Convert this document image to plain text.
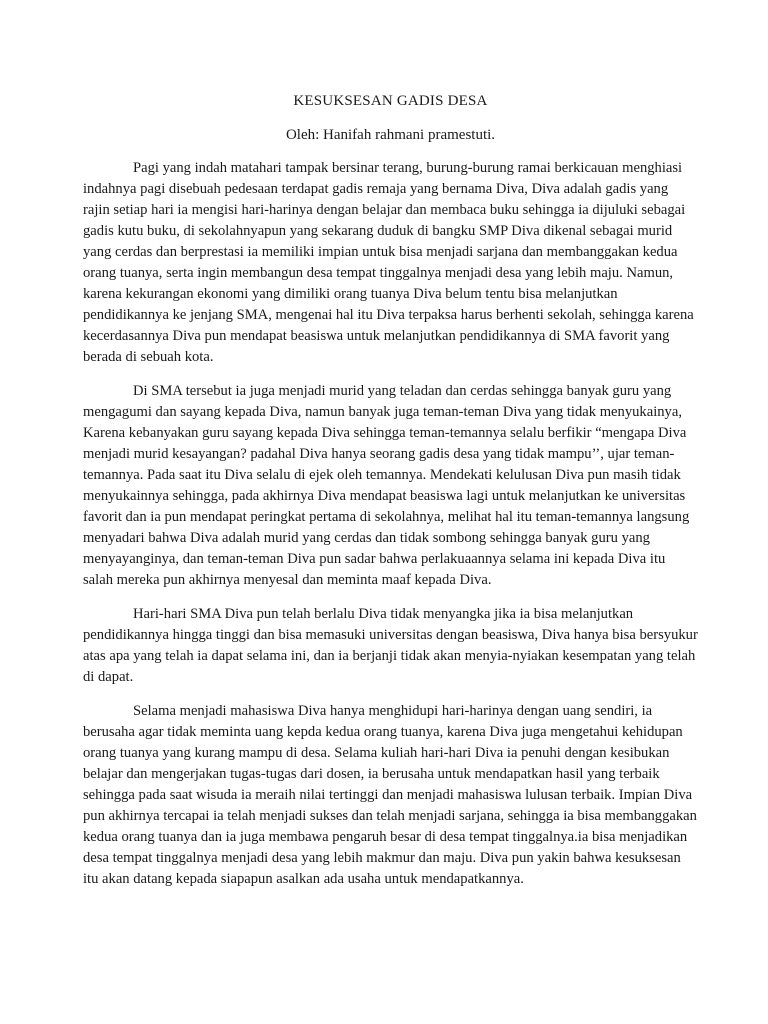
KESUKSESAN GADIS DESA
Oleh: Hanifah rahmani pramestuti.

Pagi yang indah matahari tampak bersinar terang, burung-burung ramai berkicauan menghiasi indahnya pagi disebuah pedesaan terdapat gadis remaja yang bernama Diva, Diva adalah gadis yang rajin setiap hari ia mengisi hari-harinya dengan belajar dan membaca buku sehingga ia dijuluki sebagai gadis kutu buku, di sekolahnyapun yang sekarang duduk di bangku SMP Diva dikenal sebagai murid yang cerdas dan berprestasi ia memiliki impian untuk bisa menjadi sarjana dan membanggakan kedua orang tuanya, serta ingin membangun desa tempat tinggalnya menjadi desa yang lebih maju. Namun, karena kekurangan ekonomi yang dimiliki orang tuanya Diva belum tentu bisa melanjutkan pendidikannya ke jenjang SMA, mengenai hal itu Diva terpaksa harus berhenti sekolah, sehingga karena kecerdasannya Diva pun mendapat beasiswa untuk melanjutkan pendidikannya di SMA favorit yang berada di sebuah kota.

Di SMA tersebut ia juga menjadi murid yang teladan dan cerdas sehingga banyak guru yang mengagumi dan sayang kepada Diva, namun banyak juga teman-teman Diva yang tidak menyukainya, Karena kebanyakan guru sayang kepada Diva sehingga teman-temannya selalu berfikir “mengapa Diva menjadi murid kesayangan? padahal Diva hanya seorang gadis desa yang tidak mampu’’, ujar teman-temannya. Pada saat itu Diva selalu di ejek oleh temannya. Mendekati kelulusan Diva pun masih tidak menyukainnya sehingga, pada akhirnya Diva mendapat beasiswa lagi untuk melanjutkan ke universitas favorit dan ia pun mendapat peringkat pertama di sekolahnya, melihat hal itu teman-temannya langsung menyadari bahwa Diva adalah murid yang cerdas dan tidak sombong sehingga banyak guru yang menyayanginya, dan teman-teman Diva pun sadar bahwa perlakuaannya selama ini kepada Diva itu salah mereka pun akhirnya menyesal dan meminta maaf kepada Diva.

Hari-hari SMA Diva pun telah berlalu Diva tidak menyangka jika ia bisa melanjutkan pendidikannya hingga tinggi dan bisa memasuki universitas dengan beasiswa, Diva hanya bisa bersyukur atas apa yang telah ia dapat selama ini, dan ia berjanji tidak akan menyia-nyiakan kesempatan yang telah di dapat.

Selama menjadi mahasiswa Diva hanya menghidupi hari-harinya dengan uang sendiri, ia berusaha agar tidak meminta uang kepda kedua orang tuanya, karena Diva juga mengetahui kehidupan orang tuanya yang kurang mampu di desa. Selama kuliah hari-hari Diva ia penuhi dengan kesibukan belajar dan mengerjakan tugas-tugas dari dosen, ia berusaha untuk mendapatkan hasil yang terbaik sehingga pada saat wisuda ia meraih nilai tertinggi dan menjadi mahasiswa lulusan terbaik. Impian Diva pun akhirnya tercapai ia telah menjadi sukses dan telah menjadi sarjana, sehingga ia bisa membanggakan kedua orang tuanya dan ia juga membawa pengaruh besar di desa tempat tinggalnya.ia bisa menjadikan desa tempat tinggalnya menjadi desa yang lebih makmur dan maju. Diva pun yakin bahwa kesuksesan itu akan datang kepada siapapun asalkan ada usaha untuk mendapatkannya.
